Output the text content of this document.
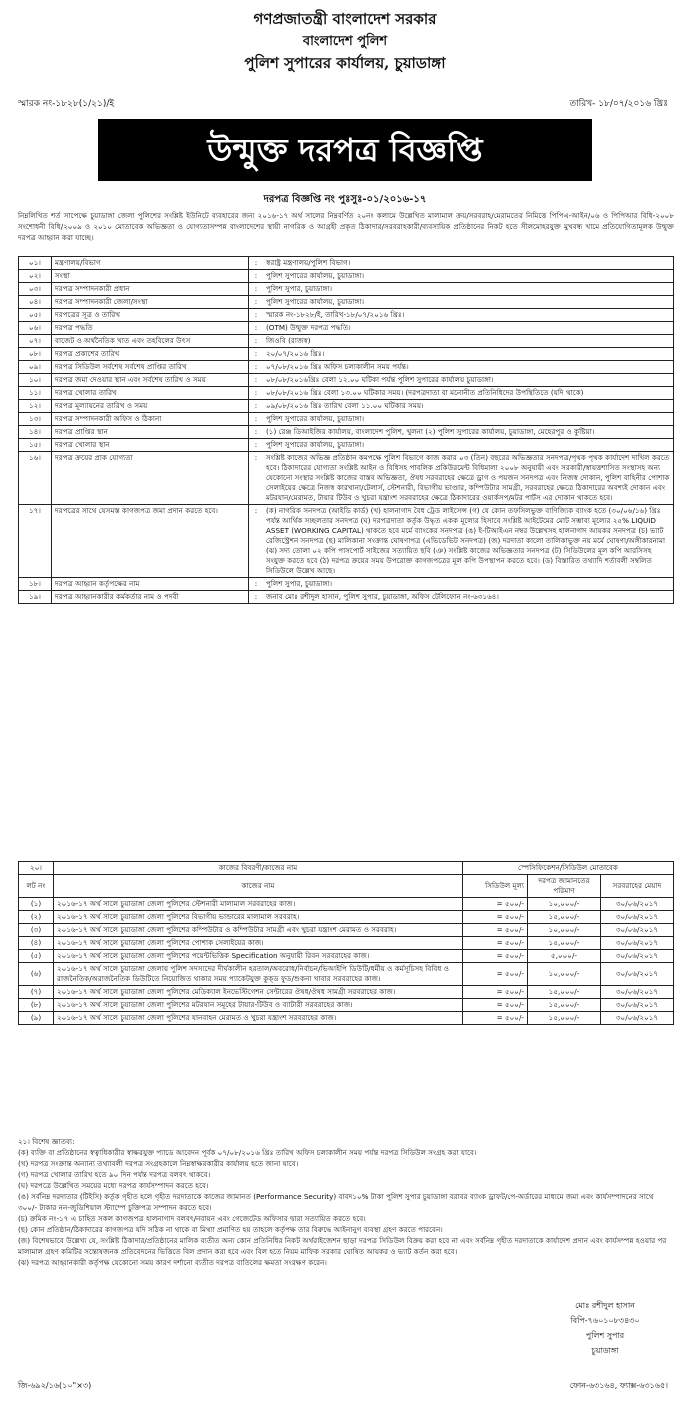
গণপ্রজাতন্ত্রী বাংলাদেশ সরকার
বাংলাদেশ পুলিশ
পুলিশ সুপারের কার্যালয়, চুয়াডাঙ্গা
স্মারক নং-১৮২৮(১/২১)/ই	তারিখ- ১৮/০৭/২০১৬ খ্রিঃ
উন্মুক্ত দরপত্র বিজ্ঞপ্তি
দরপত্র বিজ্ঞপ্তি নং পুঃসুঃ-০১/২০১৬-১৭
নিম্নলিখিত শর্ত সাপেক্ষে চুয়াডাঙ্গা জেলা পুলিশের সংশ্লিষ্ট ইউনিটে ব্যবহারের জন্য ২০১৬-১৭ অর্থ সালের নিম্নবর্ণিত ২০নং কলামে উল্লেখিত মালামাল ক্রয়/সরবরাহ/মেরামতের নিমিত্তে পিপিএ-আইন/০৬ ও পিপিআর বিধি-২০০৮ সংশোধনী বিধি/২০০৯ ও ২০১০ মোতাবেক অভিজ্ঞতা ও যোগ্যতাসম্পন্ন বাংলাদেশের স্থায়ী নাগরিক ও আগ্রহী প্রকৃত ঠিকাদার/সরবরাহকারী/ব্যবসায়িক প্রতিষ্ঠানের নিকট হতে সীলমোহরযুক্ত মুখবন্ধ খামে প্রতিযোগিতামূলক উন্মুক্ত দরপত্র আহ্বান করা যাচ্ছে।
০১।	মন্ত্রণালয়/বিভাগ	:	স্বরাষ্ট্র মন্ত্রণালয়/পুলিশ বিভাগ।
০২।	সংস্থা	:	পুলিশ সুপারের কার্যালয়, চুয়াডাঙ্গা।
০৩।	দরপত্র সম্পাদনকারী প্রধান	:	পুলিশ সুপার, চুয়াডাঙ্গা।
০৪।	দরপত্র সম্পাদনকারী জেলা/সংস্থা	:	পুলিশ সুপারের কার্যালয়, চুয়াডাঙ্গা।
০৫।	দরপত্রের সূত্র ও তারিখ	:	স্মারক নং-১৮২৮/ই, তারিখ-১৮/০৭/২০১৬ খ্রিঃ।
০৬।	দরপত্র পদ্ধতি	:	(OTM) উন্মুক্ত দরপত্র পদ্ধতি।
০৭।	বাজেট ও অর্থনৈতিক খাত এবং তহবিলের উৎস	:	জিওবি (রাজস্ব)
০৮।	দরপত্র প্রকাশের তারিখ	:	২০/০৭/২০১৬ খ্রিঃ।
০৯।	দরপত্র সিডিউল সর্বশেষ সর্বশেষ প্রাপ্তির তারিখ	:	০৭/০৮/২০১৬ খ্রিঃ অফিস চলাকালীন সময় পর্যন্ত।
১০।	দরপত্র জমা দেওয়ার স্থান এবং সর্বশেষ তারিখ ও সময়	:	০৮/০৮/২০১৬খ্রিঃ বেলা ১২.০০ ঘটিকা পর্যন্ত পুলিশ সুপারের কার্যালয় চুয়াডাঙ্গা।
১১।	দরপত্র খোলার তারিখ	:	০৮/০৮/২০১৬ খ্রিঃ বেলা ১৩.০০ ঘটিকার সময়। (দরপত্রদাতা বা মনোনীত প্রতিনিধিদের উপস্থিতিতে (যদি থাকে)
১২।	দরপত্র মূল্যায়নের তারিখ ও সময়	:	০৯/০৮/২০১৬ খ্রিঃ তারিখ বেলা ১১.০০ ঘটিকার সময়।
১৩।	দরপত্র সম্পাদনকারী অফিস ও ঠিকানা	:	পুলিশ সুপারের কার্যালয়, চুয়াডাঙ্গা।
১৪।	দরপত্র প্রাপ্তির স্থান	:	(১) রেঞ্জ ডিআইজির কার্যালয়, বাংলাদেশ পুলিশ, খুলনা (২) পুলিশ সুপারের কার্যালয়, চুয়াডাঙ্গা, মেহেরপুর ও কুষ্টিয়া।
১৫।	দরপত্র খোলার স্থান	:	পুলিশ সুপারের কার্যালয়, চুয়াডাঙ্গা।
১৬।	দরপত্র ক্রয়ের প্রাক যোগ্যতা	:	সংশ্লিষ্ট কাজের অভিজ্ঞ প্রতিষ্ঠান কমপক্ষে পুলিশ বিভাগে কাজ করার ০৩ (তিন) বছরের অভিজ্ঞতার সনদপত্র/পৃথক পৃথক কার্যাদেশ দাখিল করতে হবে। ঠিকাদারের যোগ্যতা সংশ্লিষ্ট আইন ও বিধিসহ পাবলিক প্রকিউরমেন্ট বিধিমালা ২০০৮ অনুযায়ী এবং সরকারী/স্বায়ত্তশাসিত সংস্থাসহ অন্য যেকোনো সংস্থার সংশ্লিষ্ট কাজের বাস্তব অভিজ্ঞতা, ঔষধ সরবরাহের ক্ষেত্রে ড্রাগ ও পয়জন সনদপত্র এবং নিজস্ব দোকান, পুলিশ বাহিনীর পোশাক সেলাইয়ের ক্ষেত্রে নিজস্ব কারখানা/টেলার্স, স্টেশনারী, বিভাগীয় ভাণ্ডার, কম্পিউটার সামগ্রী, সরবরাহের ক্ষেত্রে ঠিকাদারের অবশ্যই দোকান এবং মটরযান/মেরামত, টায়ার টিউব ও খুচরা যন্ত্রাংশ সরবরাহের ক্ষেত্রে ঠিকাদারের ওয়ার্কসপ/মটর পার্টস এর দোকান থাকতে হবে।
১৭।	দরপত্রের সাথে যেসমস্ত কাগজপত্র জমা প্রদান করতে হবে।	:	(ক) নাগরিক সনদপত্র (আইডি কার্ড) (খ) হালনাগাদ বৈধ ট্রেড লাইসেন্স (গ) যে কোন তফসিলভুক্ত বাণিজ্যিক ব্যাংক হতে (৩০/০৬/১৬) খ্রিঃ পর্যন্ত আর্থিক সচ্ছলতার সনদপত্র (ঘ) দরপত্রদাতা কর্তৃক উদ্ধৃত একক মূল্যের হিসাবে সংশ্লিষ্ট আইটেমের মোট সম্ভাব্য মূল্যের ২৫% LIQUID ASSET (WORKING CAPITAL) থাকতে হবে মর্মে ব্যাংকের সনদপত্র (ঙ) ই-টিআইএন নম্বর উল্লেখসহ হালনাগাদ আয়কর সনদপত্র (চ) ভ্যাট রেজিস্ট্রেশন সনদপত্র (ছ) মালিকানা সংক্রান্ত ঘোষণাপত্র (এভিডেভিট সনদপত্র) (জ) দরদাতা কালো তালিকাভুক্ত নয় মর্মে ঘোষণা/অঙ্গীকারনামা (ঝ) সদ্য তোলা ০২ কপি পাসপোর্ট সাইজের সত্যায়িত ছবি (ঞ) সংশ্লিষ্ট কাজের অভিজ্ঞতার সনদপত্র (ট) সিডিউলের মূল কপি আরসিসহ সংযুক্ত করতে হবে (ঠ) দরপত্র ক্রয়ের সময় উপরোক্ত কাগজপত্রের মূল কপি উপস্থাপন করতে হবে। (ড) বিস্তারিত তথ্যাদি শর্তাবলী সম্বলিত সিডিউলে উল্লেখ আছে।
১৮।	দরপত্র আহ্বান কর্তৃপক্ষের নাম	:	পুলিশ সুপার, চুয়াডাঙ্গা।
১৯।	দরপত্র আহ্বানকারীর কর্মকর্তার নাম ও পদবী	:	জনাব মোঃ রশীদুল হাসান, পুলিশ সুপার, চুয়াডাঙ্গা, অফিস টেলিফোন নং-৬৩১৬৪।
২০।	কাজের বিবরণী/কাজের নাম	স্পেসিফিকেশন/সিডিউল মোতাবেক		
লট নং	কাজের নাম	সিডিউল মূল্য	দরপত্র জামানতের পরিমাণ	সরবরাহের মেয়াদ
(১)	২০১৬-১৭ অর্থ সালে চুয়াডাঙ্গা জেলা পুলিশের স্টেশনারী মালামাল সরবরাহের কাজ।	= ৫০০/-	১০,০০০/-	৩০/০৬/২০১৭
(২)	২০১৬-১৭ অর্থ সালে চুয়াডাঙ্গা জেলা পুলিশের বিভাগীয় ভান্ডারের মালামাল সরবরাহ।	= ৫০০/-	১৫,০০০/-	৩০/০৬/২০১৭
(৩)	২০১৬-১৭ অর্থ সালে চুয়াডাঙ্গা জেলা পুলিশের কম্পিউটার ও কম্পিউটার সামগ্রী এবং খুচরা যন্ত্রাংশ মেরামত ও সরবরাহ।	= ৫০০/-	১০,০০০/-	৩০/০৬/২০১৭
(৪)	২০১৬-১৭ অর্থ সালে চুয়াডাঙ্গা জেলা পুলিশের পোশাক সেলাইয়ের কাজ।	= ৫০০/-	১৫,০০০/-	৩০/০৬/২০১৭
(৫)	২০১৬-১৭ অর্থ সালে চুয়াডাঙ্গা জেলা পুলিশের পয়েন্টভিত্তিক Specification অনুযায়ী রিবন সরবরাহের কাজ।	= ৫০০/-	৫,০০০/-	৩০/০৬/২০১৭
(৬)	২০১৬-১৭ অর্থ সালে চুয়াডাঙ্গা জেলায় পুলিশ সদস্যদের দীর্ঘকালীন হরতাল/অবরোধ/নির্বাচন/ভিআইপি ডিউটি/ধর্মীয় ও কর্মসূচিসহ বিবিধ ও রাজনৈতিক/অরাজনৈতিক ডিউটিতে নিয়োজিত থাকার সময় প্যাকেটযুক্ত কুক্ড ফুড/শুকনা খাবার সরবরাহের কাজ।	= ৫০০/-	১০,০০০/-	৩০/০৬/২০১৭
(৭)	২০১৬-১৭ অর্থ সালে চুয়াডাঙ্গা জেলা পুলিশের মেডিক্যাল ইনভেস্টিগেশন সেন্টারের ঔষধ/ঔষধ সামগ্রী সরবরাহের কাজ।	= ৫০০/-	১৫,০০০/-	৩০/০৬/২০১৭
(৮)	২০১৬-১৭ অর্থ সালে চুয়াডাঙ্গা জেলা পুলিশের মটরযান সমূহের টায়ার-টিউব ও ব্যাটারী সরবরাহের কাজ।	= ৫০০/-	১৫,০০০/-	৩০/০৬/২০১৭
(৯)	২০১৬-১৭ অর্থ সালে চুয়াডাঙ্গা জেলা পুলিশের যানবাহন মেরামত ও খুচরা যন্ত্রাংশ সরবরাহের কাজ।	= ৫০০/-	১৫,০০০/-	৩০/০৬/২০১৭

২১। বিশেষ জ্ঞাতব্য:

(ক) ব্যক্তি বা প্রতিষ্ঠানের স্বত্বাধিকারীর স্বাক্ষরযুক্ত প্যাডে আবেদন পূর্বক ০৭/০৮/২০১৬ খ্রিঃ তারিখ অফিস চলাকালীন সময় পর্যন্ত দরপত্র সিডিউল সংগ্রহ করা যাবে।

(খ) দরপত্র সংক্রান্ত অন্যান্য তথ্যাবলী দরপত্র সংগ্রহকালে নিম্নস্বাক্ষরকারীর কার্যালয় হতে জানা যাবে।

(গ) দরপত্র খোলার তারিখ হতে ৯০ দিন পর্যন্ত দরপত্র বলবৎ থাকবে।

(ঘ) দরপত্রে উল্লেখিত সময়ের মধ্যে দরপত্র কার্যসম্পাদন করতে হবে।

(ঙ) সর্বনিম্ন দরদাতার (টিইসি) কর্তৃক গৃহীত হলে গৃহীত দরদাতাকে কাজের জামানত (Performance Security) বাবদ১০% টাকা পুলিশ সুপার চুয়াডাঙ্গা বরাবর ব্যাংক ড্রাফট/পে-অর্ডারের মাধ্যমে জমা এবং কার্যসম্পাদনের সাথে ৩০০/- টাকার নন-জুডিশিয়াল স্ট্যাম্পে চুক্তিপত্র সম্পাদন করতে হবে।

(চ) ক্রমিক নং-১৭ এ চাহিত সকল কাগজপত্র হালনাগাদ বলবৎ/নবায়ন এবং গেজেটেড অফিসার দ্বারা সত্যায়িত করতে হবে।

(ছ) কোন প্রতিষ্ঠান/ঠিকাদারের কাগজপত্র যদি সঠিক না থাকে বা মিথ্যা প্রমাণিত হয় তাহলে কর্তৃপক্ষ তার বিরুদ্ধে আইনানুগ ব্যবস্থা গ্রহণ করতে পারবেন।

(জ) বিশেষভাবে উল্লেখ্য যে, সংশ্লিষ্ট ঠিকাদার/প্রতিষ্ঠানের মালিক ব্যতীত অন্য কোন প্রতিনিধির নিকট অর্থরাইজেশন ছাড়া দরপত্র সিডিউল বিক্রয় করা হবে না এবং সর্বনিম্ন গৃহীত দরদাতাকে কার্যাদেশ প্রদান এবং কার্যসম্পন্ন হওয়ার পর মালামাল গ্রহণ কমিটির সন্তোষজনক প্রতিবেদনের ভিত্তিতে বিল প্রদান করা হবে এবং বিল হতে নিয়ম মাফিক সরকার ঘোষিত আয়কর ও ভ্যাট কর্তন করা হবে।

(ঝ) দরপত্র আহ্বানকারী কর্তৃপক্ষ যেকোনো সময় কারণ দর্শানো ব্যতীত দরপত্র বাতিলের ক্ষমতা সংরক্ষণ করেন।

মোঃ রশীদুল হাসান
বিপি-৭৬০১০৮৩৪৩০
পুলিশ সুপার
চুয়াডাঙ্গা
জি-৬৯২/১৬(১০"×৩)	ফোন-৬৩১৬৪, ফ্যাক্স-৬৩১৬৫।
